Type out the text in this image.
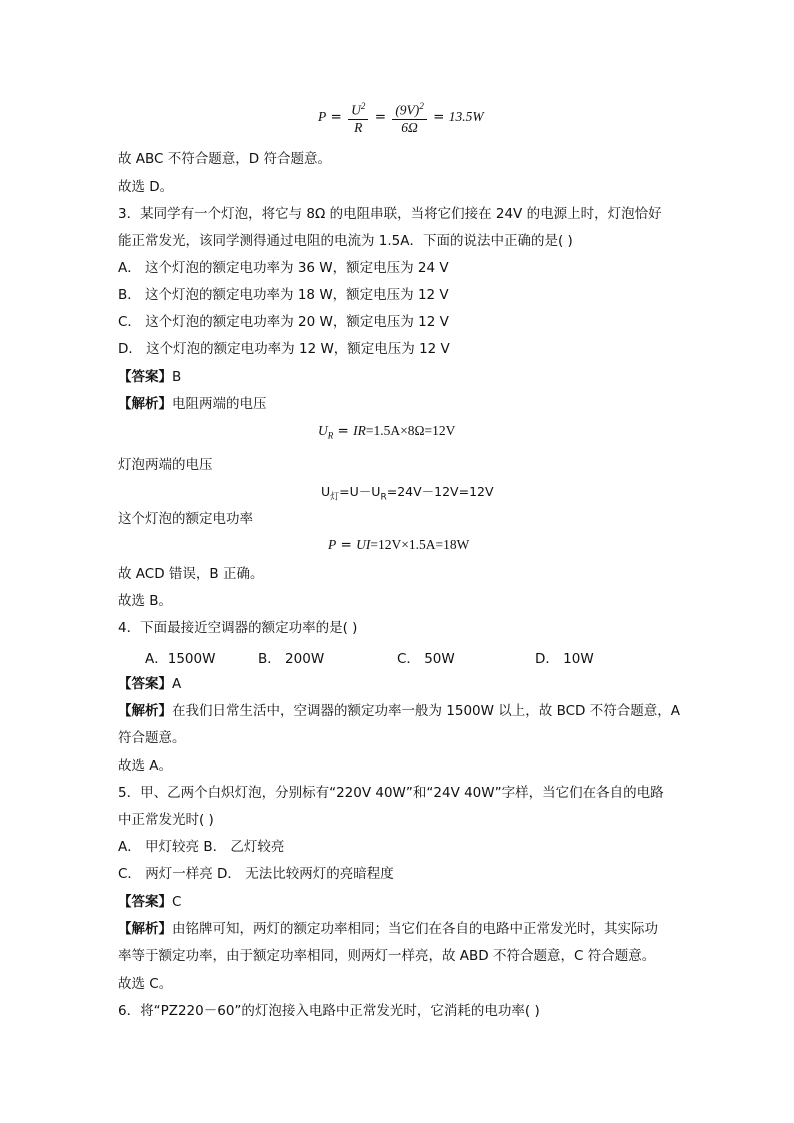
$P = \frac{U^2}{R} = \frac{(9V)^2}{6\Omega} = 13.5W$
故 ABC 不符合题意，D 符合题意。
故选 D。
3．某同学有一个灯泡，将它与 8Ω 的电阻串联，当将它们接在 24V 的电源上时，灯泡恰好
能正常发光，该同学测得通过电阻的电流为 1.5A．下面的说法中正确的是( )
A． 这个灯泡的额定电功率为 36 W，额定电压为 24 V
B． 这个灯泡的额定电功率为 18 W，额定电压为 12 V
C． 这个灯泡的额定电功率为 20 W，额定电压为 12 V
D． 这个灯泡的额定电功率为 12 W，额定电压为 12 V
【答案】B
【解析】电阻两端的电压
$U_R = IR=1.5A\times 8\Omega=12V$
灯泡两端的电压
$U_灯=U-U_R=24V-12V=12V$
这个灯泡的额定电功率
P = UI=12V×1.5A=18W
故 ACD 错误，B 正确。
故选 B。
4．下面最接近空调器的额定功率的是( )
A．1500W	B． 200W	C． 50W	D． 10W
【答案】A
【解析】在我们日常生活中，空调器的额定功率一般为 1500W 以上，故 BCD 不符合题意，A
符合题意。
故选 A。
5．甲、乙两个白炽灯泡，分别标有“220V 40W”和“24V 40W”字样，当它们在各自的电路
中正常发光时( )
A． 甲灯较亮 B． 乙灯较亮
C． 两灯一样亮 D． 无法比较两灯的亮暗程度
【答案】C
【解析】由铭牌可知，两灯的额定功率相同；当它们在各自的电路中正常发光时，其实际功
率等于额定功率，由于额定功率相同，则两灯一样亮，故 ABD 不符合题意，C 符合题意。
故选 C。
6．将“PZ220－60”的灯泡接入电路中正常发光时，它消耗的电功率( )
